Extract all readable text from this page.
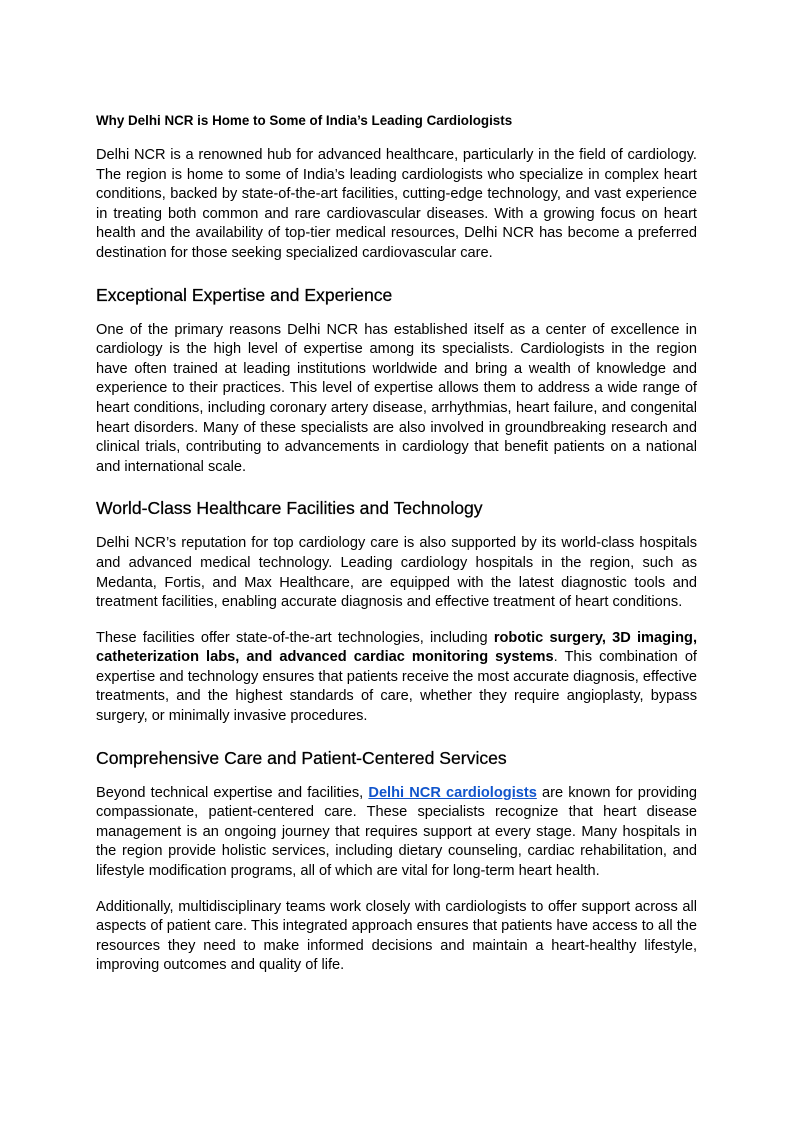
Why Delhi NCR is Home to Some of India’s Leading Cardiologists

Delhi NCR is a renowned hub for advanced healthcare, particularly in the field of cardiology. The region is home to some of India’s leading cardiologists who specialize in complex heart conditions, backed by state-of-the-art facilities, cutting-edge technology, and vast experience in treating both common and rare cardiovascular diseases. With a growing focus on heart health and the availability of top-tier medical resources, Delhi NCR has become a preferred destination for those seeking specialized cardiovascular care.

Exceptional Expertise and Experience

One of the primary reasons Delhi NCR has established itself as a center of excellence in cardiology is the high level of expertise among its specialists. Cardiologists in the region have often trained at leading institutions worldwide and bring a wealth of knowledge and experience to their practices. This level of expertise allows them to address a wide range of heart conditions, including coronary artery disease, arrhythmias, heart failure, and congenital heart disorders. Many of these specialists are also involved in groundbreaking research and clinical trials, contributing to advancements in cardiology that benefit patients on a national and international scale.

World-Class Healthcare Facilities and Technology

Delhi NCR’s reputation for top cardiology care is also supported by its world-class hospitals and advanced medical technology. Leading cardiology hospitals in the region, such as Medanta, Fortis, and Max Healthcare, are equipped with the latest diagnostic tools and treatment facilities, enabling accurate diagnosis and effective treatment of heart conditions.

These facilities offer state-of-the-art technologies, including robotic surgery, 3D imaging, catheterization labs, and advanced cardiac monitoring systems. This combination of expertise and technology ensures that patients receive the most accurate diagnosis, effective treatments, and the highest standards of care, whether they require angioplasty, bypass surgery, or minimally invasive procedures.

Comprehensive Care and Patient-Centered Services

Beyond technical expertise and facilities, Delhi NCR cardiologists are known for providing compassionate, patient-centered care. These specialists recognize that heart disease management is an ongoing journey that requires support at every stage. Many hospitals in the region provide holistic services, including dietary counseling, cardiac rehabilitation, and lifestyle modification programs, all of which are vital for long-term heart health.

Additionally, multidisciplinary teams work closely with cardiologists to offer support across all aspects of patient care. This integrated approach ensures that patients have access to all the resources they need to make informed decisions and maintain a heart-healthy lifestyle, improving outcomes and quality of life.
